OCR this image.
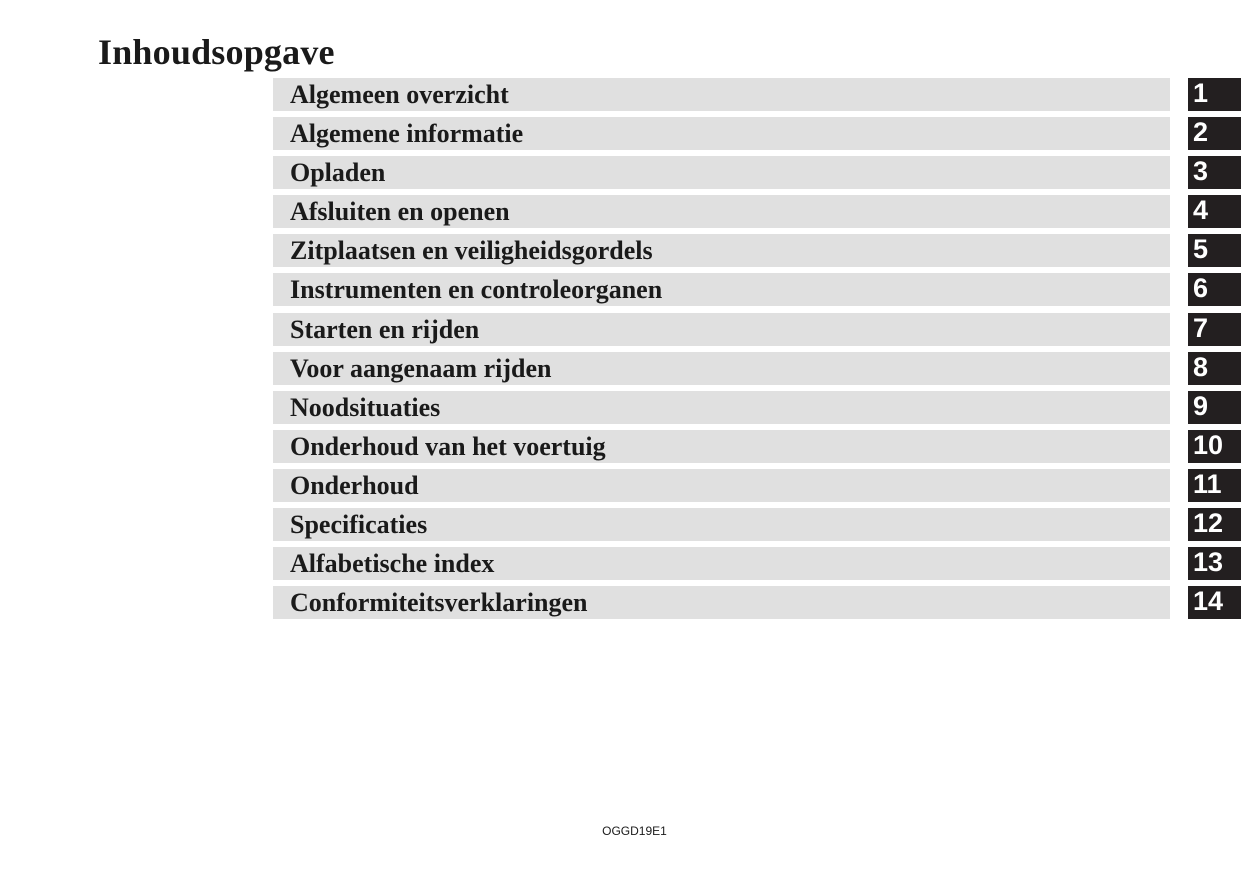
Inhoudsopgave
Algemeen overzicht	1
Algemene informatie	2
Opladen	3
Afsluiten en openen	4
Zitplaatsen en veiligheidsgordels	5
Instrumenten en controleorganen	6
Starten en rijden	7
Voor aangenaam rijden	8
Noodsituaties	9
Onderhoud van het voertuig	10
Onderhoud	11
Specificaties	12
Alfabetische index	13
Conformiteitsverklaringen	14
OGGD19E1
